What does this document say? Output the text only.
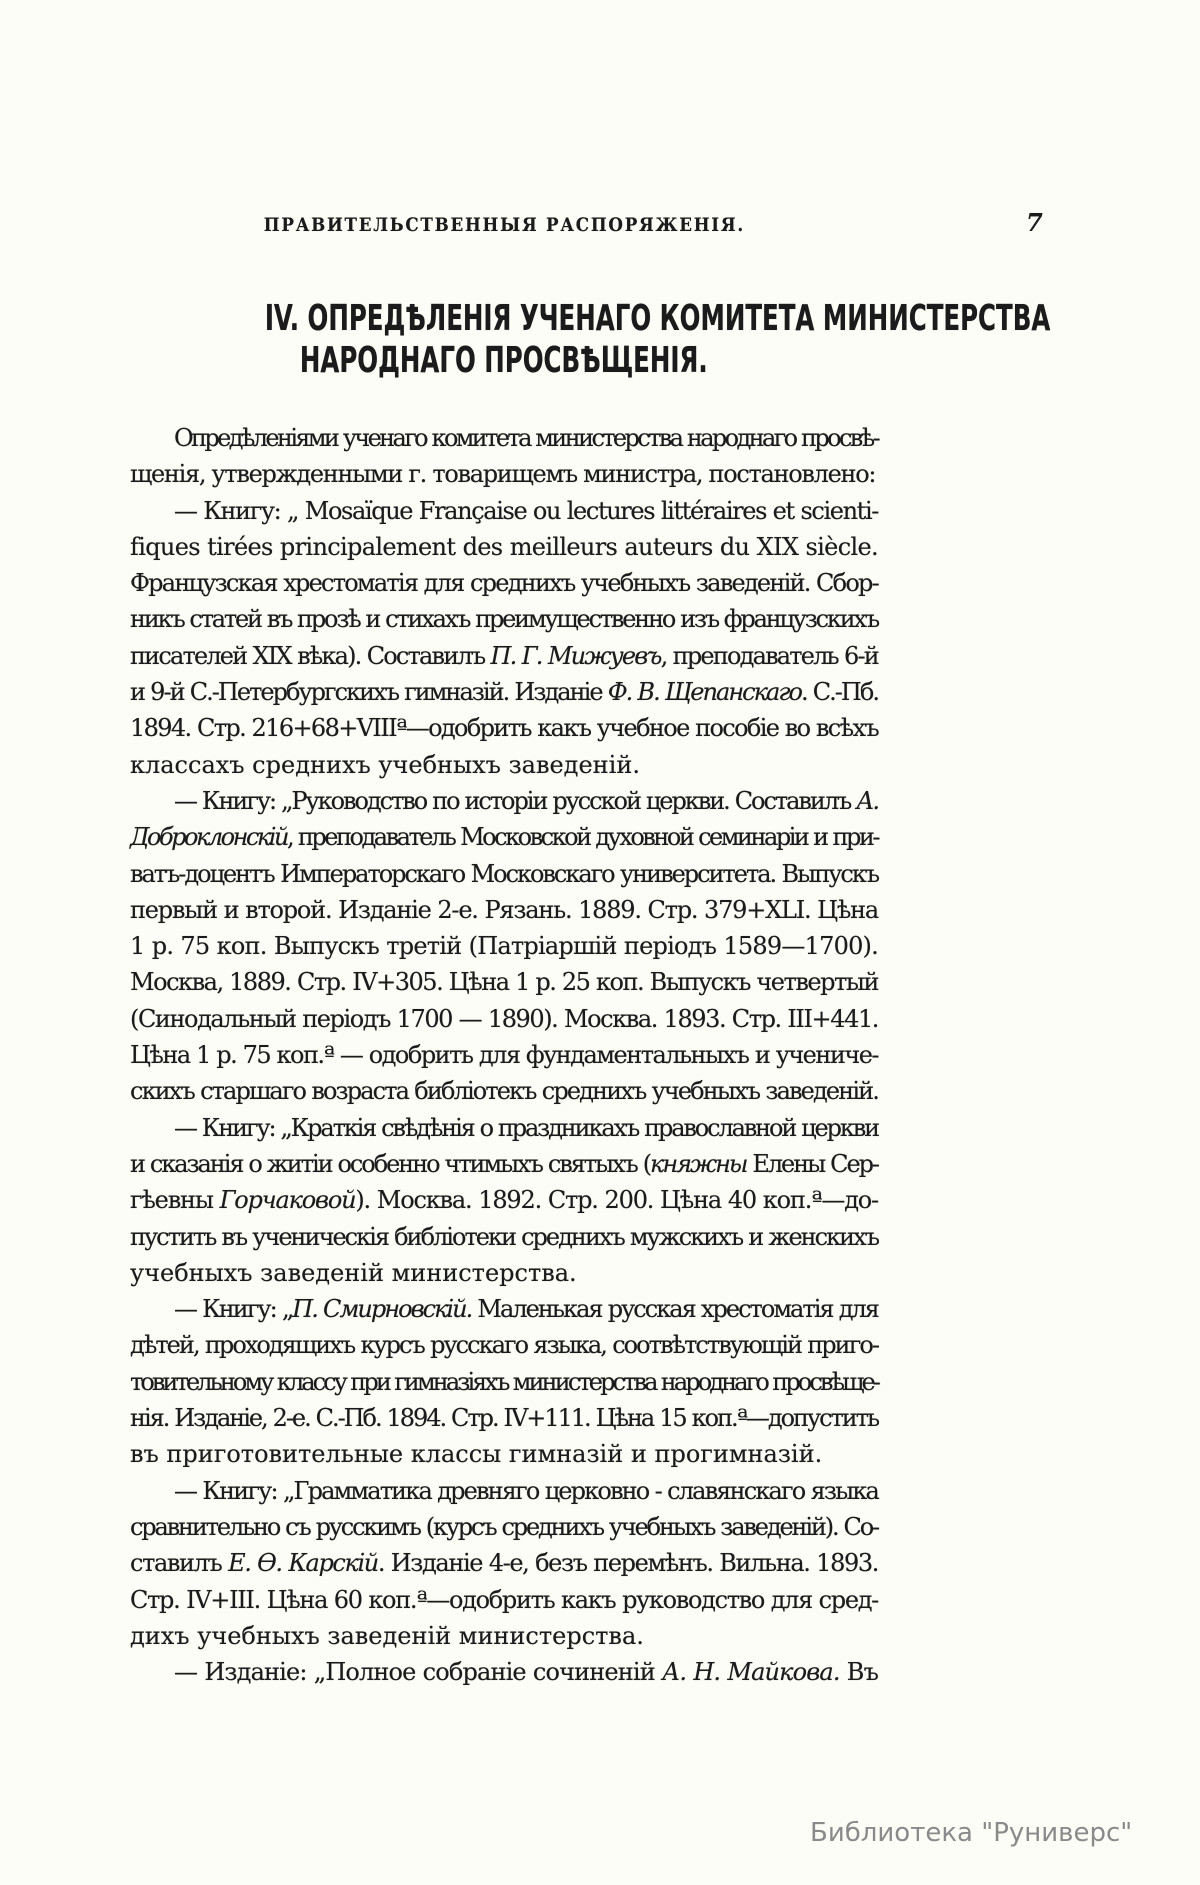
ПРАВИТЕЛЬСТВЕННЫЯ РАСПОРЯЖЕНІЯ.	7
IV. ОПРЕДѢЛЕНІЯ УЧЕНАГО КОМИТЕТА МИНИСТЕРСТВА
НАРОДНАГО ПРОСВѢЩЕНІЯ.
Опредѣленіями ученаго комитета министерства народнаго просвѣ-
щенія, утвержденными г. товарищемъ министра, постановлено:
— Книгу: „ Mosaïque Française ou lectures littéraires et scienti-
fiques tirées principalement des meilleurs auteurs du XIX siècle.
Французская хрестоматія для среднихъ учебныхъ заведеній. Сбор-
никъ статей въ прозѣ и стихахъ преимущественно изъ французскихъ
писателей XIX вѣка). Составилъ П. Г. Мижуевъ, преподаватель 6-й
и 9-й С.-Петербургскихъ гимназій. Изданіе Ф. В. Щепанскаго. С.-Пб.
1894. Стр. 216+68+VIIIª—одобрить какъ учебное пособіе во всѣхъ
классахъ среднихъ учебныхъ заведеній.
— Книгу: „Руководство по исторіи русской церкви. Составилъ А.
Доброклонскій, преподаватель Московской духовной семинаріи и при-
ватъ-доцентъ Императорскаго Московскаго университета. Выпускъ
первый и второй. Изданіе 2-е. Рязань. 1889. Стр. 379+XLI. Цѣна
1 р. 75 коп. Выпускъ третій (Патріаршій періодъ 1589—1700).
Москва, 1889. Стр. IV+305. Цѣна 1 р. 25 коп. Выпускъ четвертый
(Синодальный періодъ 1700 — 1890). Москва. 1893. Стр. III+441.
Цѣна 1 р. 75 коп.ª — одобрить для фундаментальныхъ и учениче-
скихъ старшаго возраста библіотекъ среднихъ учебныхъ заведеній.
— Книгу: „Краткія свѣдѣнія о праздникахъ православной церкви
и сказанія о житіи особенно чтимыхъ святыхъ (княжны Елены Сер-
гѣевны Горчаковой). Москва. 1892. Стр. 200. Цѣна 40 коп.ª—до-
пустить въ ученическія библіотеки среднихъ мужскихъ и женскихъ
учебныхъ заведеній министерства.
— Книгу: „П. Смирновскій. Маленькая русская хрестоматія для
дѣтей, проходящихъ курсъ русскаго языка, соотвѣтствующій приго-
товительному классу при гимназіяхъ министерства народнаго просвѣще-
нія. Изданіе, 2-е. С.-Пб. 1894. Стр. IV+111. Цѣна 15 коп.ª—допустить
въ приготовительные классы гимназій и прогимназій.
— Книгу: „Грамматика древняго церковно - славянскаго языка
сравнительно съ русскимъ (курсъ среднихъ учебныхъ заведеній). Со-
ставилъ Е. Ѳ. Карскій. Изданіе 4-е, безъ перемѣнъ. Вильна. 1893.
Стр. IV+III. Цѣна 60 коп.ª—одобрить какъ руководство для сред-
дихъ учебныхъ заведеній министерства.
— Изданіе: „Полное собраніе сочиненій А. Н. Майкова. Въ
Библиотека "Руниверс"
